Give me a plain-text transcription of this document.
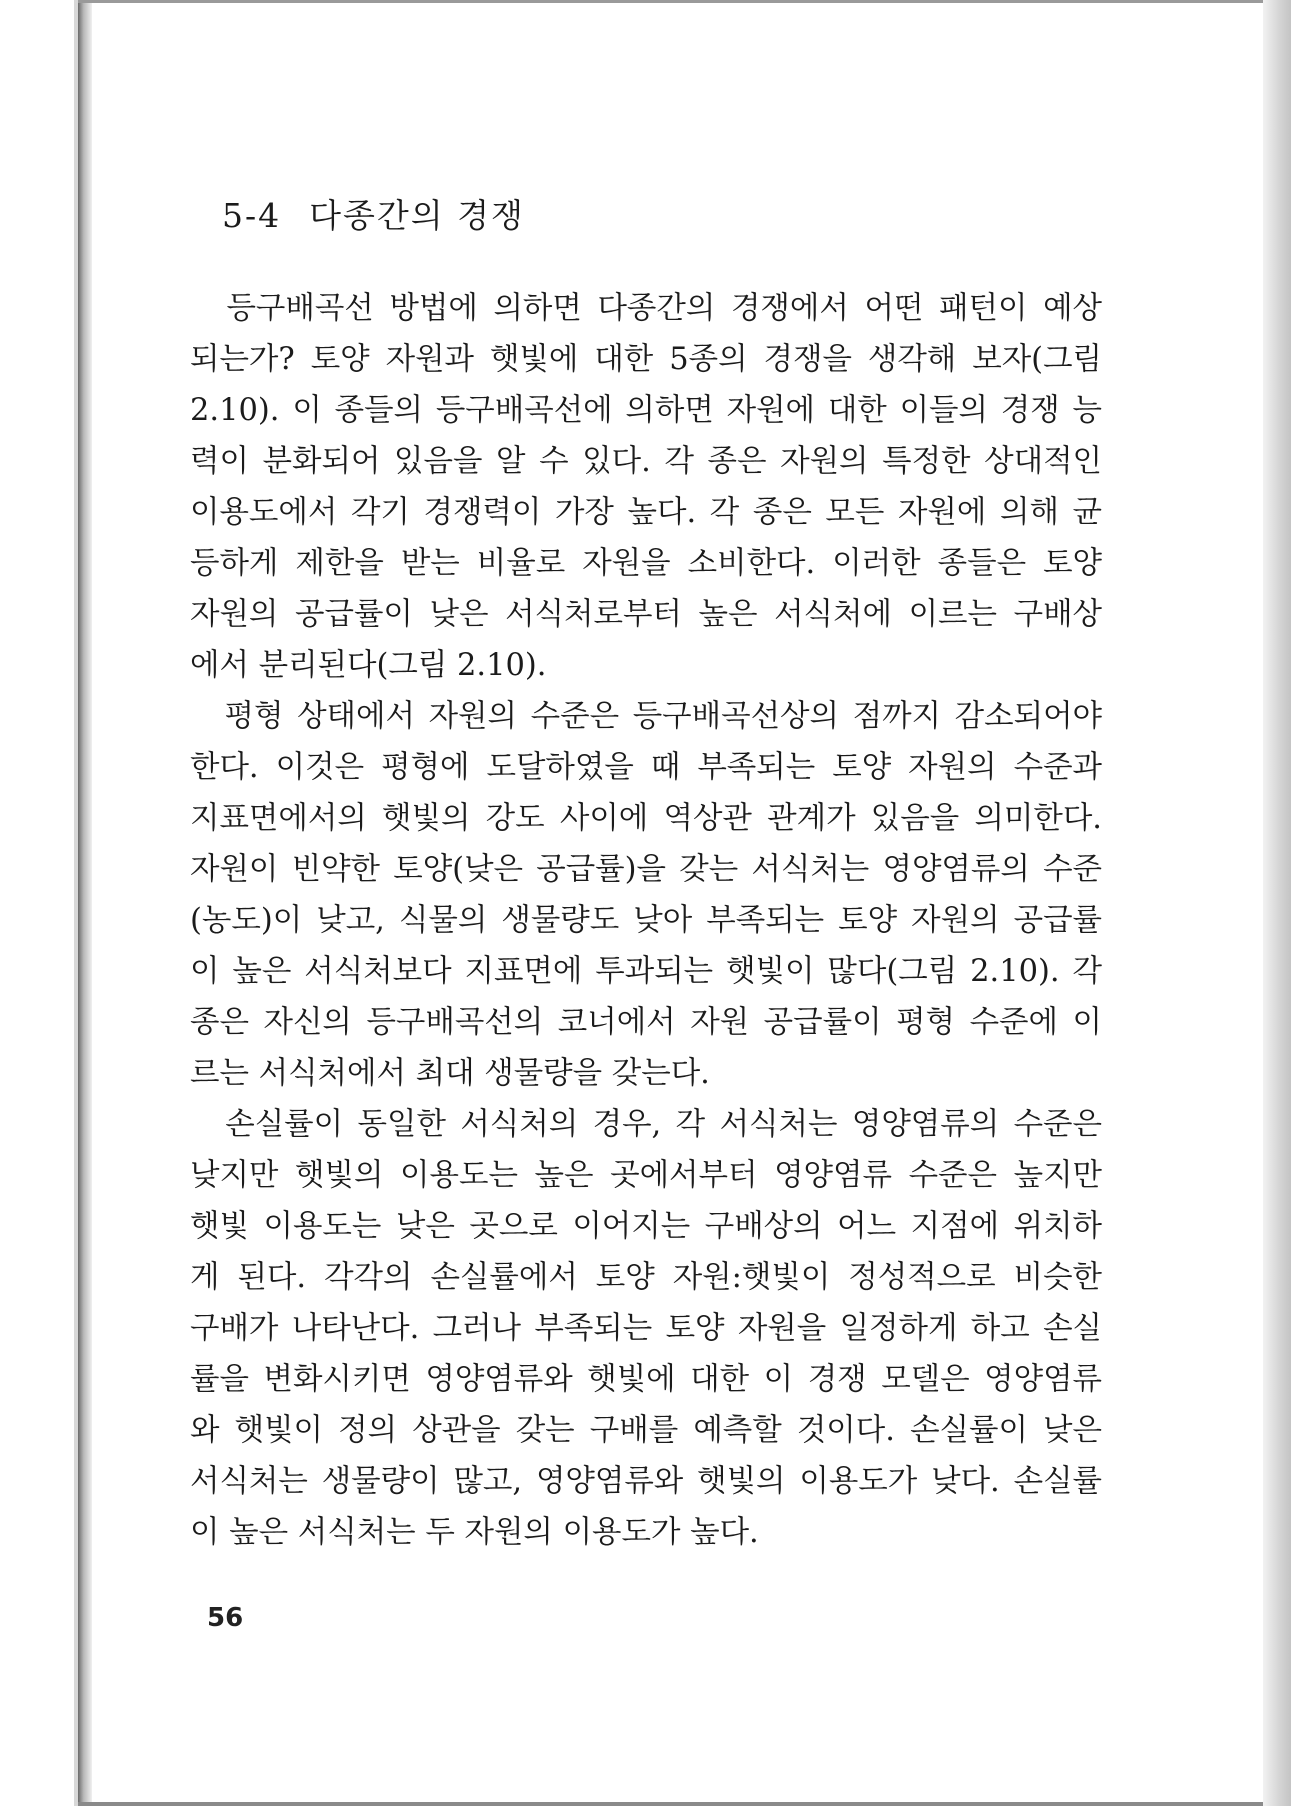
5-4 다종간의 경쟁

　등구배곡선 방법에 의하면 다종간의 경쟁에서 어떤 패턴이 예상
되는가? 토양 자원과 햇빛에 대한 5종의 경쟁을 생각해 보자(그림
2.10). 이 종들의 등구배곡선에 의하면 자원에 대한 이들의 경쟁 능
력이 분화되어 있음을 알 수 있다. 각 종은 자원의 특정한 상대적인
이용도에서 각기 경쟁력이 가장 높다. 각 종은 모든 자원에 의해 균
등하게 제한을 받는 비율로 자원을 소비한다. 이러한 종들은 토양
자원의 공급률이 낮은 서식처로부터 높은 서식처에 이르는 구배상
에서 분리된다(그림 2.10).

　평형 상태에서 자원의 수준은 등구배곡선상의 점까지 감소되어야
한다. 이것은 평형에 도달하였을 때 부족되는 토양 자원의 수준과
지표면에서의 햇빛의 강도 사이에 역상관 관계가 있음을 의미한다.
자원이 빈약한 토양(낮은 공급률)을 갖는 서식처는 영양염류의 수준
(농도)이 낮고, 식물의 생물량도 낮아 부족되는 토양 자원의 공급률
이 높은 서식처보다 지표면에 투과되는 햇빛이 많다(그림 2.10). 각
종은 자신의 등구배곡선의 코너에서 자원 공급률이 평형 수준에 이
르는 서식처에서 최대 생물량을 갖는다.

　손실률이 동일한 서식처의 경우, 각 서식처는 영양염류의 수준은
낮지만 햇빛의 이용도는 높은 곳에서부터 영양염류 수준은 높지만
햇빛 이용도는 낮은 곳으로 이어지는 구배상의 어느 지점에 위치하
게 된다. 각각의 손실률에서 토양 자원:햇빛이 정성적으로 비슷한
구배가 나타난다. 그러나 부족되는 토양 자원을 일정하게 하고 손실
률을 변화시키면 영양염류와 햇빛에 대한 이 경쟁 모델은 영양염류
와 햇빛이 정의 상관을 갖는 구배를 예측할 것이다. 손실률이 낮은
서식처는 생물량이 많고, 영양염류와 햇빛의 이용도가 낮다. 손실률
이 높은 서식처는 두 자원의 이용도가 높다.

56
